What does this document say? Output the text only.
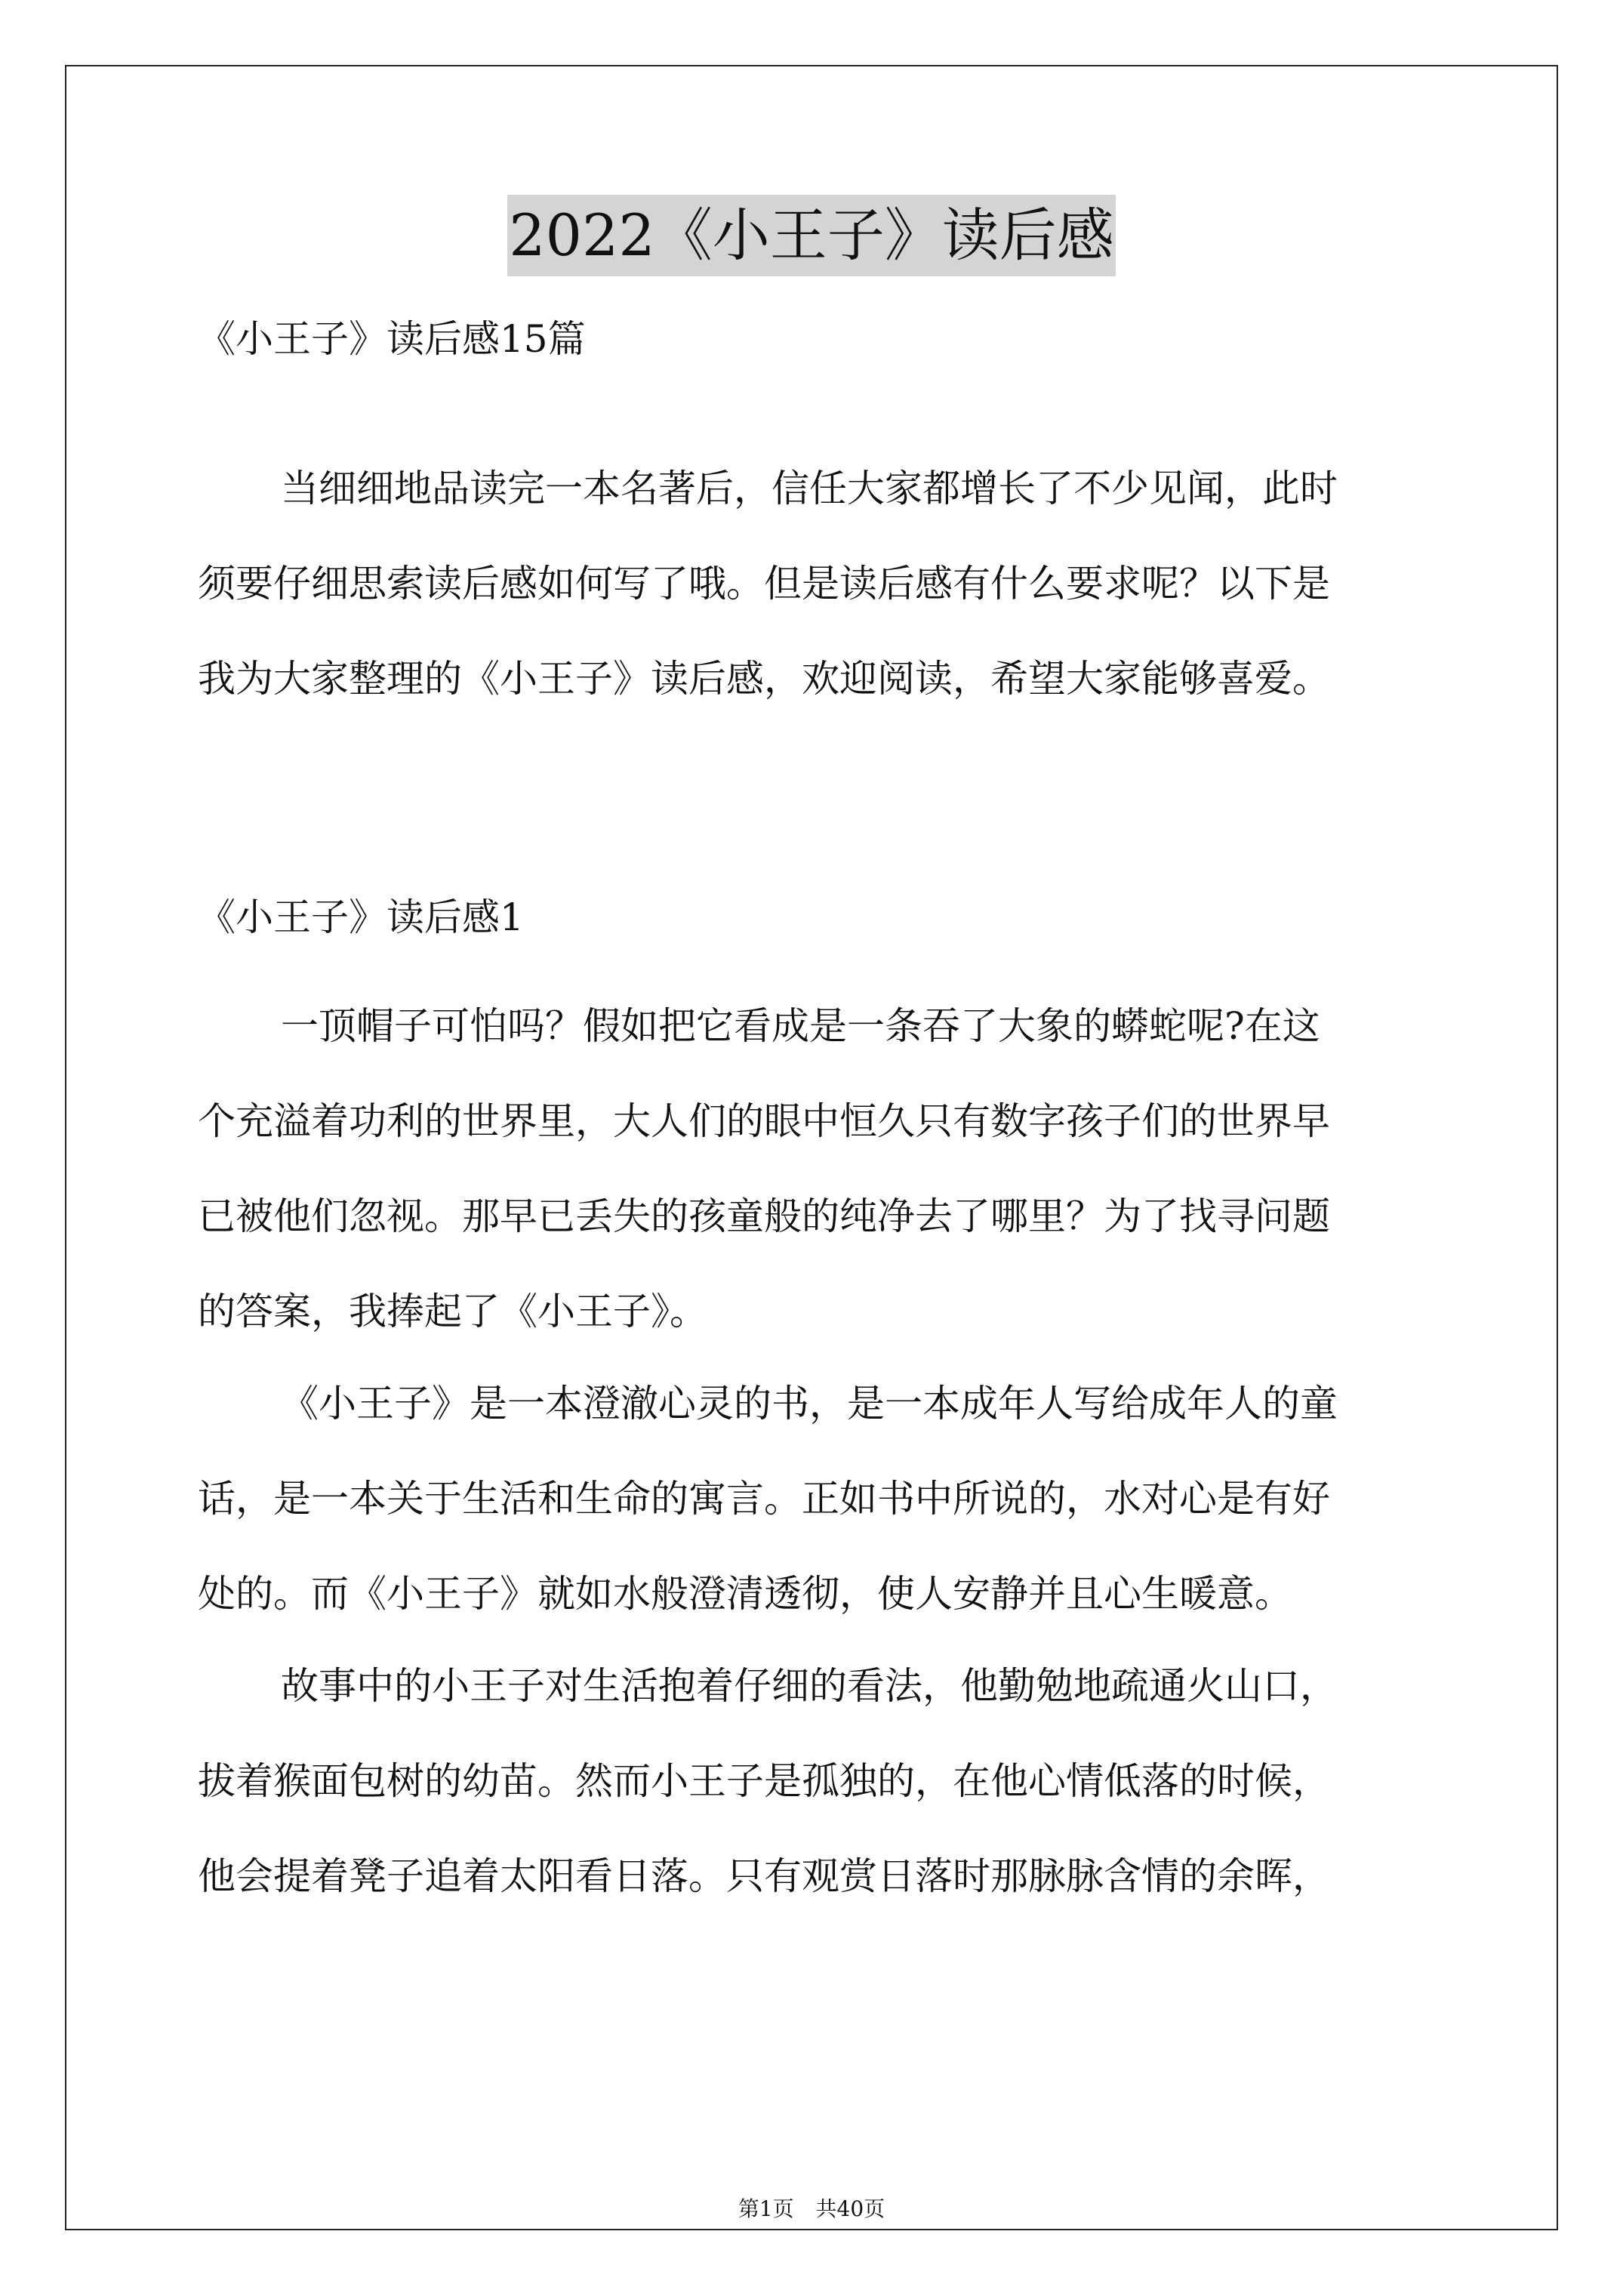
2022《小王子》读后感
《小王子》读后感15篇
当细细地品读完一本名著后，信任大家都增长了不少见闻，此时
须要仔细思索读后感如何写了哦。但是读后感有什么要求呢？以下是
我为大家整理的《小王子》读后感，欢迎阅读，希望大家能够喜爱。
《小王子》读后感1
一顶帽子可怕吗？假如把它看成是一条吞了大象的蟒蛇呢?在这
个充溢着功利的世界里，大人们的眼中恒久只有数字孩子们的世界早
已被他们忽视。那早已丢失的孩童般的纯净去了哪里？为了找寻问题
的答案，我捧起了《小王子》。
《小王子》是一本澄澈心灵的书，是一本成年人写给成年人的童
话，是一本关于生活和生命的寓言。正如书中所说的，水对心是有好
处的。而《小王子》就如水般澄清透彻，使人安静并且心生暖意。
故事中的小王子对生活抱着仔细的看法，他勤勉地疏通火山口，
拔着猴面包树的幼苗。然而小王子是孤独的，在他心情低落的时候，
他会提着凳子追着太阳看日落。只有观赏日落时那脉脉含情的余晖，
第1页 共40页
